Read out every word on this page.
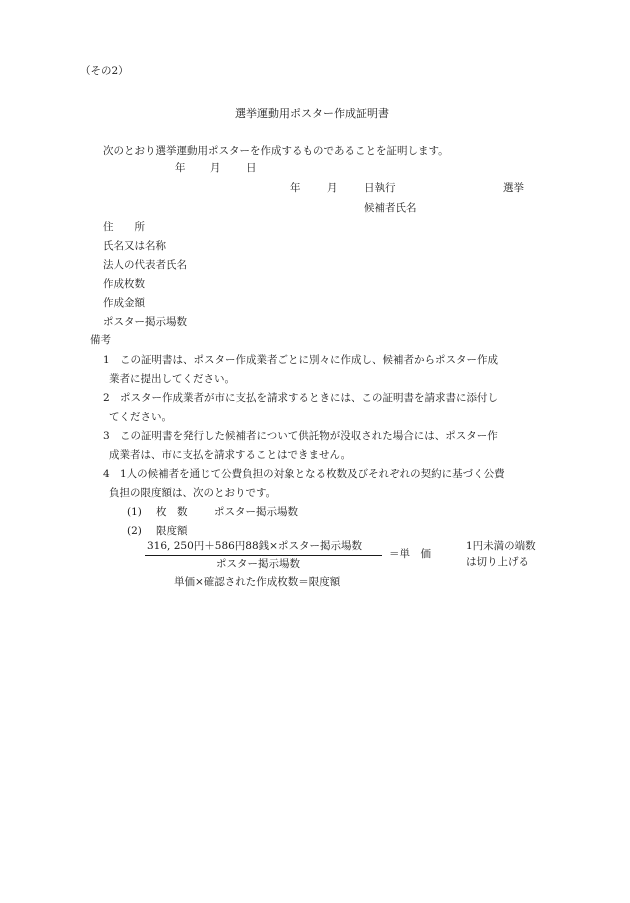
（その2）
選挙運動用ポスター作成証明書
次のとおり選挙運動用ポスターを作成するものであることを証明します。
年 月 日
年	月	日執行	選挙
候補者氏名
住　　所
氏名又は名称
法人の代表者氏名
作成枚数
作成金額
ポスター掲示場数
備考
1 この証明書は、ポスター作成業者ごとに別々に作成し、候補者からポスター作成
業者に提出してください。
2 ポスター作成業者が市に支払を請求するときには、この証明書を請求書に添付し
てください。
3 この証明書を発行した候補者について供託物が没収された場合には、ポスター作
成業者は、市に支払を請求することはできません。
4 1人の候補者を通じて公費負担の対象となる枚数及びそれぞれの契約に基づく公費
負担の限度額は、次のとおりです。
(1) 枚　数	ポスター掲示場数
(2) 限度額
316, 250円＋586円88銭×ポスター掲示場数
ポスター掲示場数
＝単　価
1円未満の端数
は切り上げる
単価×確認された作成枚数＝限度額
